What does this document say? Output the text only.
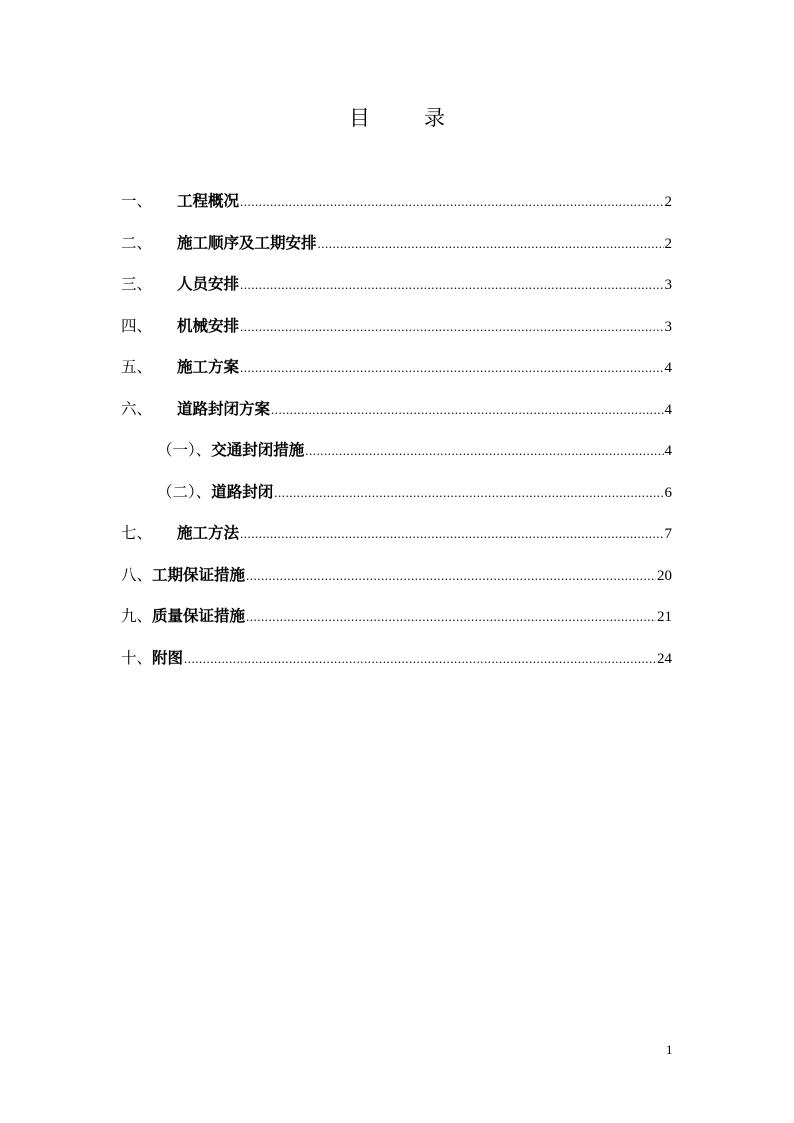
目	录
一、	工程概况 .....	2
二、	施工顺序及工期安排 .....	2
三、	人员安排 .....	3
四、	机械安排 .....	3
五、	施工方案 .....	4
六、	道路封闭方案 .....	4
（一）、 交通封闭措施 .....	4
（二）、 道路封闭 .....	6
七、	施工方法 .....	7
八、 工期保证措施 .....	20
九、 质量保证措施 .....	21
十、 附图 .....	24
1
